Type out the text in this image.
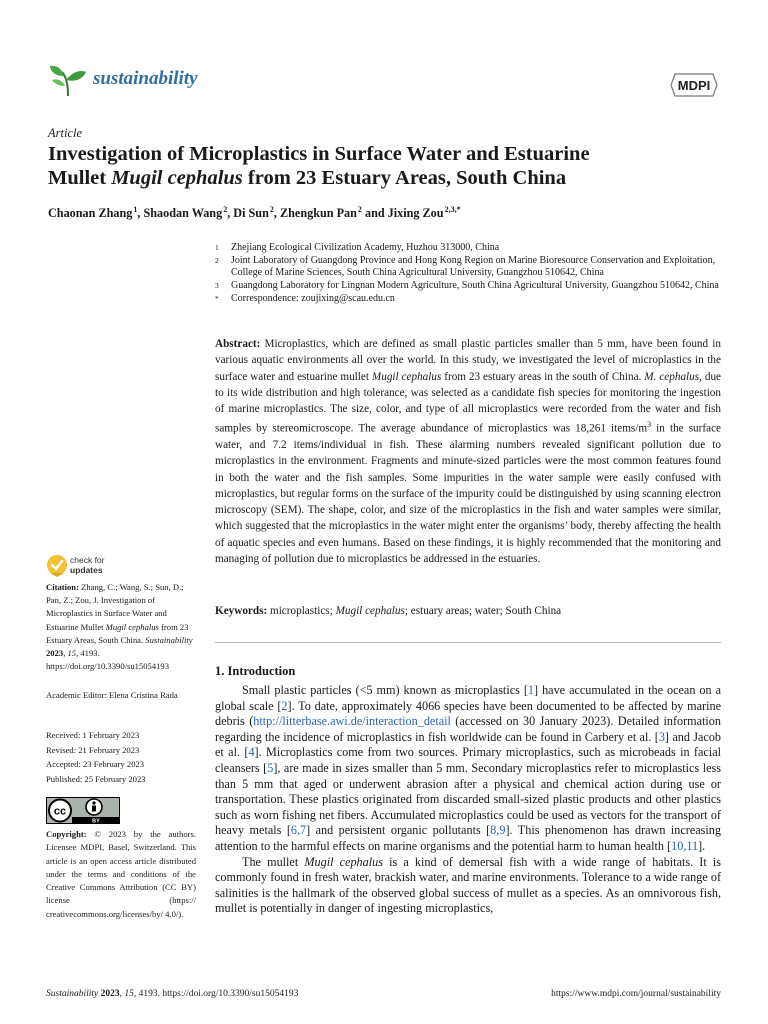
sustainability	MDPI
Article
Investigation of Microplastics in Surface Water and Estuarine
Mullet Mugil cephalus from 23 Estuary Areas, South China
Chaonan Zhang $^1$, Shaodan Wang $^2$, Di Sun $^2$, Zhengkun Pan $^2$ and Jixing Zou $^{2,3,*}$
1	Zhejiang Ecological Civilization Academy, Huzhou 313000, China
2	Joint Laboratory of Guangdong Province and Hong Kong Region on Marine Bioresource Conservation and Exploitation, College of Marine Sciences, South China Agricultural University, Guangzhou 510642, China
3	Guangdong Laboratory for Lingnan Modern Agriculture, South China Agricultural University, Guangzhou 510642, China
*	Correspondence: zoujixing@scau.edu.cn
Abstract: Microplastics, which are defined as small plastic particles smaller than 5 mm, have been found in various aquatic environments all over the world. In this study, we investigated the level of microplastics in the surface water and estuarine mullet Mugil cephalus from 23 estuary areas in the south of China. M. cephalus, due to its wide distribution and high tolerance, was selected as a candidate fish species for monitoring the ingestion of marine microplastics. The size, color, and type of all microplastics were recorded from the water and fish samples by stereomicroscope. The average abundance of microplastics was 18,261 items/$m^3$ in the surface water, and 7.2 items/individual in fish. These alarming numbers revealed significant pollution due to microplastics in the environment. Fragments and minute-sized particles were the most common features found in both the water and the fish samples. Some impurities in the water sample were easily confused with microplastics, but regular forms on the surface of the impurity could be distinguished by using scanning electron microscopy (SEM). The shape, color, and size of the microplastics in the fish and water samples were similar, which suggested that the microplastics in the water might enter the organisms’ body, thereby affecting the health of aquatic species and even humans. Based on these findings, it is highly recommended that the monitoring and managing of pollution due to microplastics be addressed in the estuaries.
Keywords: microplastics; Mugil cephalus; estuary areas; water; South China
1. Introduction

Small plastic particles (<5 mm) known as microplastics [1] have accumulated in the ocean on a global scale [2]. To date, approximately 4066 species have been documented to be affected by marine debris (http://litterbase.awi.de/interaction_detail (accessed on 30 January 2023). Detailed information regarding the incidence of microplastics in fish worldwide can be found in Carbery et al. [3] and Jacob et al. [4]. Microplastics come from two sources. Primary microplastics, such as microbeads in facial cleansers [5], are made in sizes smaller than 5 mm. Secondary microplastics refer to microplastics less than 5 mm that aged or underwent abrasion after a physical and chemical action during use or transportation. These plastics originated from discarded small-sized plastic products and other plastics such as worn fishing net fibers. Accumulated microplastics could be used as vectors for the transport of heavy metals [6,7] and persistent organic pollutants [8,9]. This phenomenon has drawn increasing attention to the harmful effects on marine organisms and the potential harm to human health [10,11].

The mullet Mugil cephalus is a kind of demersal fish with a wide range of habitats. It is commonly found in fresh water, brackish water, and marine environments. Tolerance to a wide range of salinities is the hallmark of the observed global success of mullet as a species. As an omnivorous fish, mullet is potentially in danger of ingesting microplastics,

check for
updates
Citation: Zhang, C.; Wang, S.; Sun, D.; Pan, Z.; Zou, J. Investigation of Microplastics in Surface Water and Estuarine Mullet Mugil cephalus from 23 Estuary Areas, South China. Sustainability 2023, 15, 4193. https://doi.org/10.3390/su15054193
Academic Editor: Elena Cristina Rada
Received: 1 February 2023
Revised: 21 February 2023
Accepted: 23 February 2023
Published: 25 February 2023
cc
BY
Copyright: © 2023 by the authors. Licensee MDPI, Basel, Switzerland. This article is an open access article distributed under the terms and conditions of the Creative Commons Attribution (CC BY) license (https:// creativecommons.org/licenses/by/ 4.0/).
Sustainability 2023, 15, 4193. https://doi.org/10.3390/su15054193	https://www.mdpi.com/journal/sustainability
